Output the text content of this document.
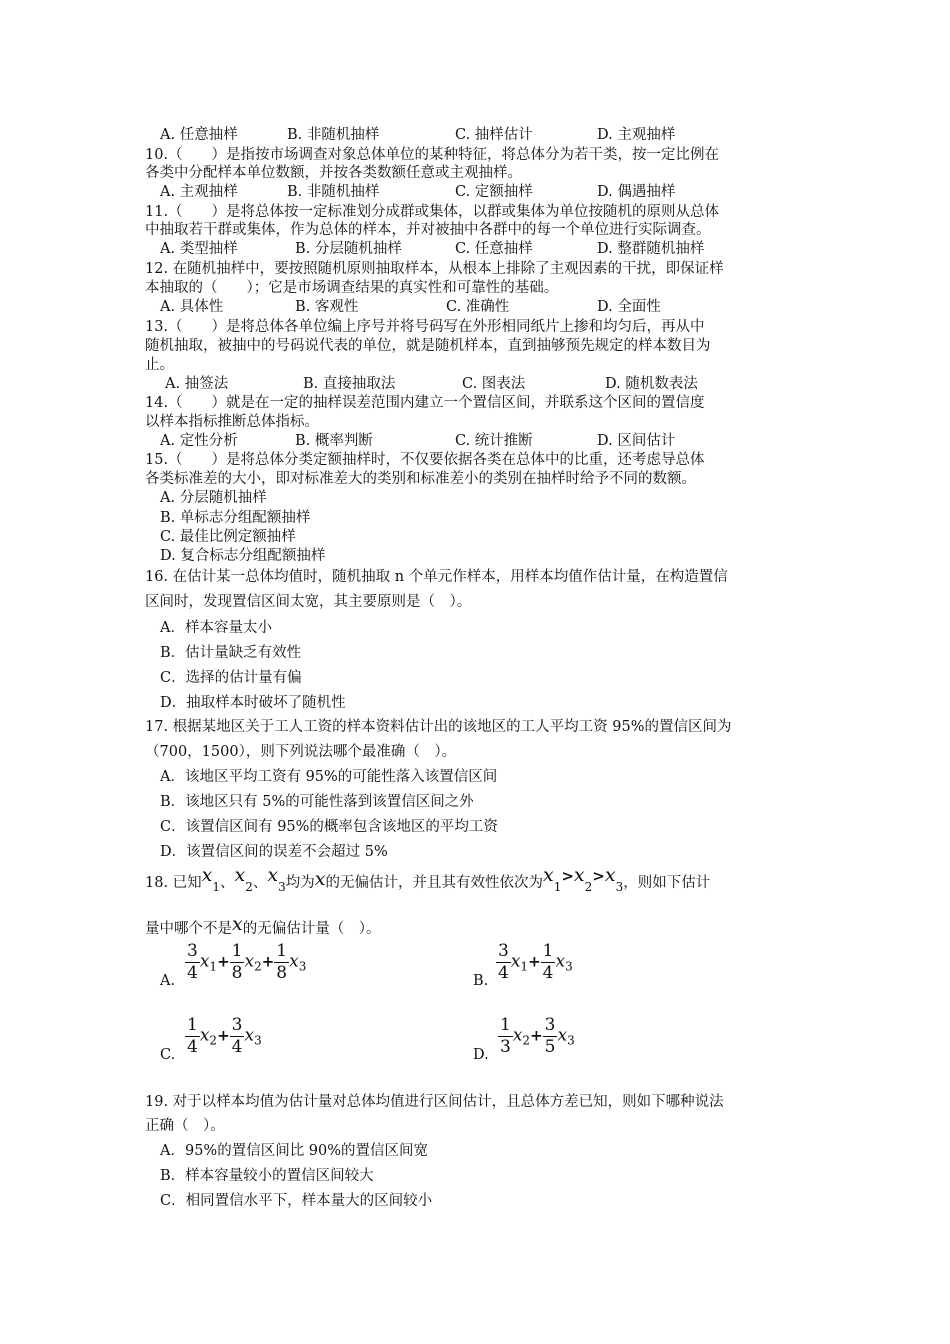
A. 任意抽样	B. 非随机抽样	C. 抽样估计	D. 主观抽样
10.（　　）是指按市场调查对象总体单位的某种特征，将总体分为若干类，按一定比例在
各类中分配样本单位数额，并按各类数额任意或主观抽样。
A. 主观抽样	B. 非随机抽样	C. 定额抽样	D. 偶遇抽样
11.（　　）是将总体按一定标准划分成群或集体，以群或集体为单位按随机的原则从总体
中抽取若干群或集体，作为总体的样本，并对被抽中各群中的每一个单位进行实际调查。
A. 类型抽样	B. 分层随机抽样	C. 任意抽样	D. 整群随机抽样
12. 在随机抽样中，要按照随机原则抽取样本，从根本上排除了主观因素的干扰，即保证样
本抽取的（　　）；它是市场调查结果的真实性和可靠性的基础。
A. 具体性	B. 客观性	C. 准确性	D. 全面性
13.（　　）是将总体各单位编上序号并将号码写在外形相同纸片上掺和均匀后，再从中
随机抽取，被抽中的号码说代表的单位，就是随机样本，直到抽够预先规定的样本数目为
止。
A. 抽签法	B. 直接抽取法	C. 图表法	D. 随机数表法
14.（　　）就是在一定的抽样误差范围内建立一个置信区间，并联系这个区间的置信度
以样本指标推断总体指标。
A. 定性分析	B. 概率判断	C. 统计推断	D. 区间估计
15.（　　）是将总体分类定额抽样时，不仅要依据各类在总体中的比重，还考虑导总体
各类标准差的大小，即对标准差大的类别和标准差小的类别在抽样时给予不同的数额。
A. 分层随机抽样
B. 单标志分组配额抽样
C. 最佳比例定额抽样
D. 复合标志分组配额抽样
16. 在估计某一总体均值时，随机抽取 n 个单元作样本，用样本均值作估计量，在构造置信
区间时，发现置信区间太宽，其主要原则是（　）。
A．样本容量太小
B．估计量缺乏有效性
C．选择的估计量有偏
D．抽取样本时破坏了随机性
17. 根据某地区关于工人工资的样本资料估计出的该地区的工人平均工资 95%的置信区间为
（700，1500），则下列说法哪个最准确（　）。
A．该地区平均工资有 95%的可能性落入该置信区间
B．该地区只有 5%的可能性落到该置信区间之外
C．该置信区间有 95%的概率包含该地区的平均工资
D．该置信区间的误差不会超过 5%
18. 已知$x_1$、$x_2$、$x_3$均为x的无偏估计，并且其有效性依次为$x_1>x_2>x_3$，则如下估计
量中哪个不是x的无偏估计量（　）。
A. $\frac{3}{4} x_1+ \frac{1}{8} x_2+ \frac{1}{8} x_3$
B. $\frac{3}{4} x_1+ \frac{1}{4} x_3$
C. $\frac{1}{4} x_2+ \frac{3}{4} x_3$
D. $\frac{1}{3} x_2+ \frac{3}{5} x_3$
19. 对于以样本均值为估计量对总体均值进行区间估计，且总体方差已知，则如下哪种说法
正确（　）。
A．95%的置信区间比 90%的置信区间宽
B．样本容量较小的置信区间较大
C．相同置信水平下，样本量大的区间较小
